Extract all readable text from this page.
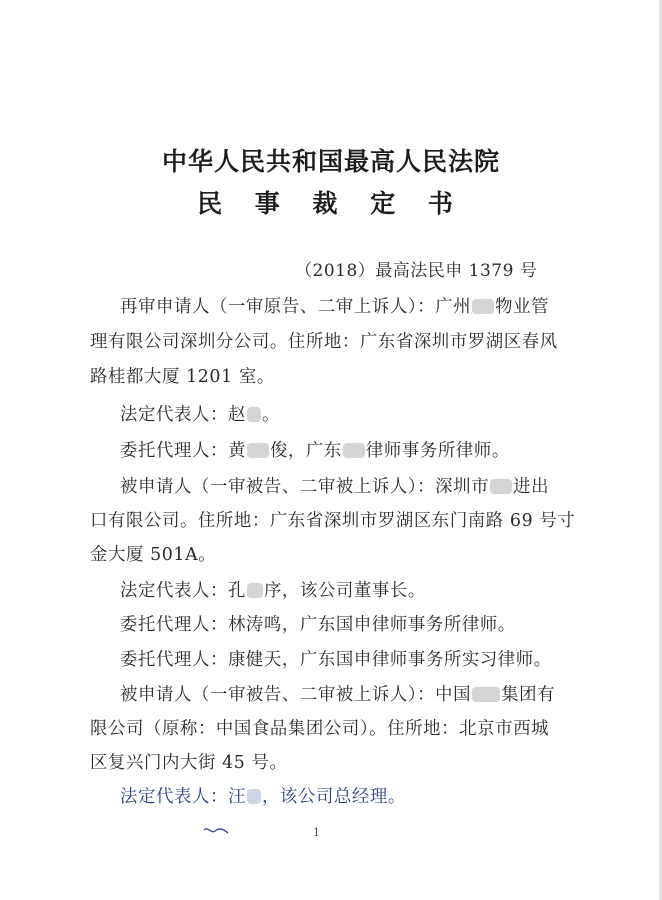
中华人民共和国最高人民法院
民 事 裁 定 书
（2018）最高法民申 1379 号
再审申请人（一审原告、二审上诉人）：广州 物业管
理有限公司深圳分公司。住所地：广东省深圳市罗湖区春风
路桂都大厦 1201 室。
法定代表人：赵 。
委托代理人：黄 俊，广东 律师事务所律师。
被申请人（一审被告、二审被上诉人）：深圳市 进出
口有限公司。住所地：广东省深圳市罗湖区东门南路 69 号寸
金大厦 501A。
法定代表人：孔 序，该公司董事长。
委托代理人：林涛鸣，广东国申律师事务所律师。
委托代理人：康健天，广东国申律师事务所实习律师。
被申请人（一审被告、二审被上诉人）：中国 集团有
限公司（原称：中国食品集团公司）。住所地：北京市西城
区复兴门内大街 45 号。
法定代表人：汪 ，该公司总经理。
1
